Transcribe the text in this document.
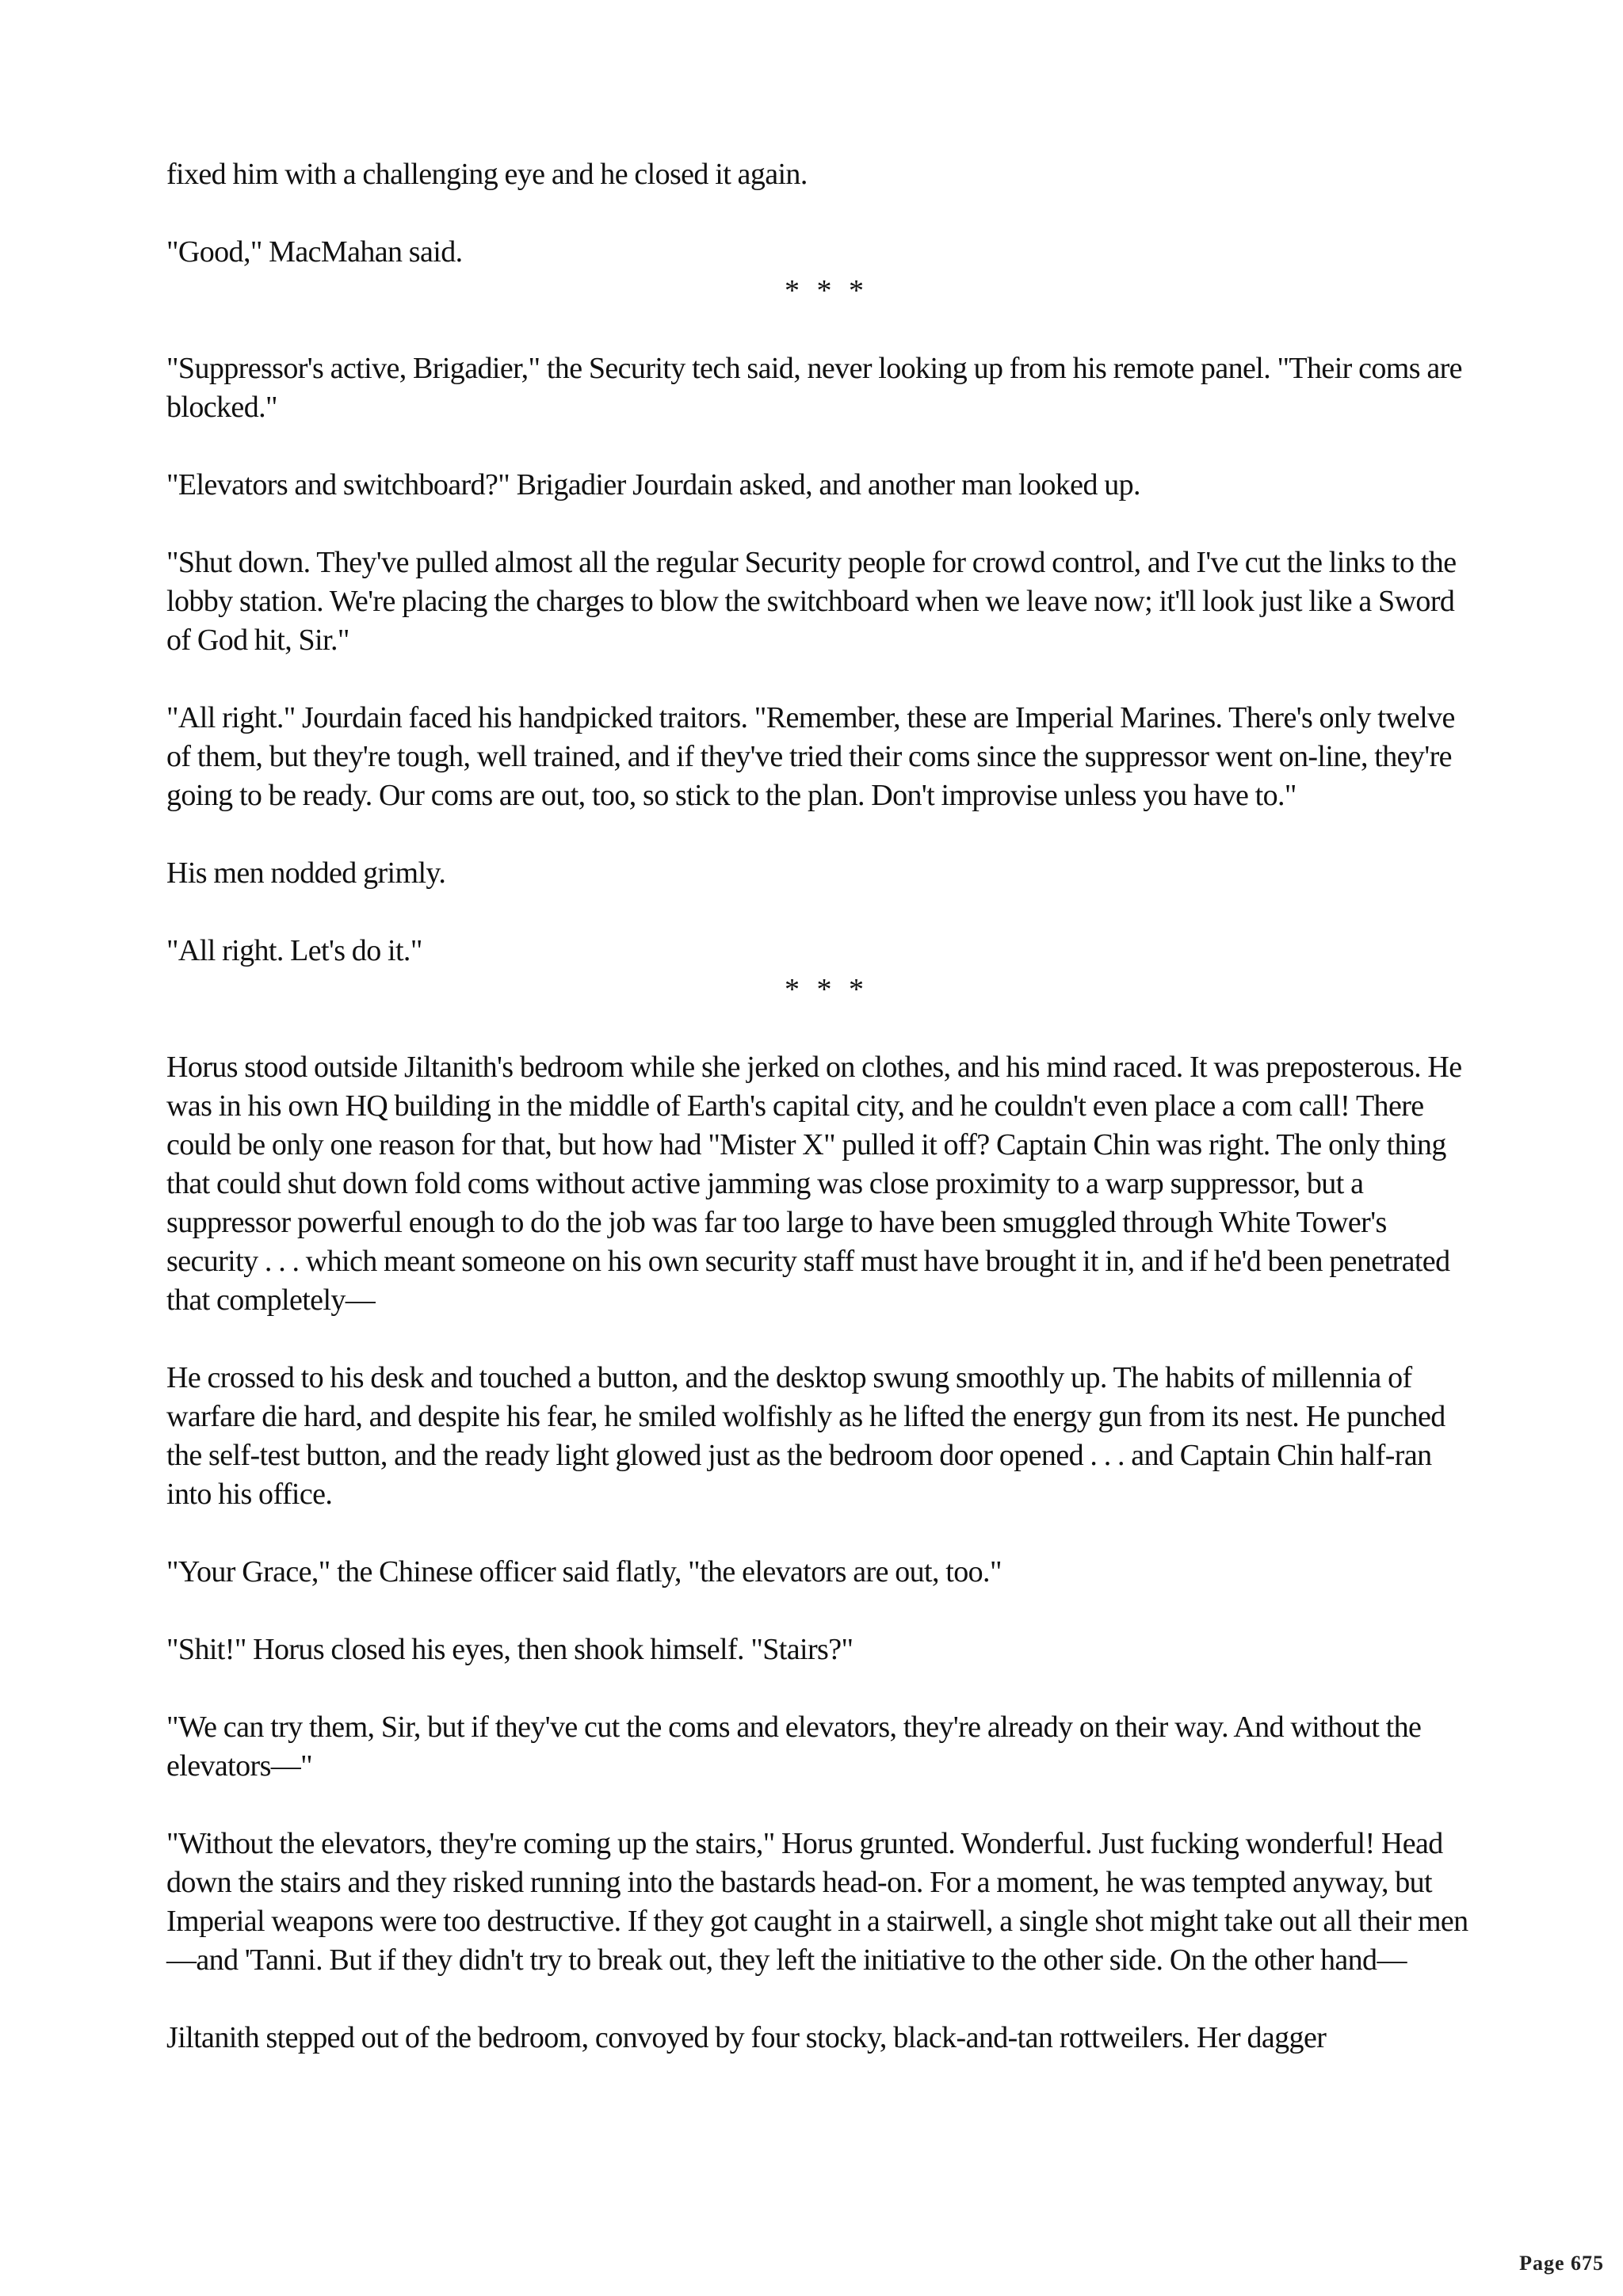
fixed him with a challenging eye and he closed it again.

"Good," MacMahan said.

* * *

"Suppressor's active, Brigadier," the Security tech said, never looking up from his remote panel. "Their coms are blocked."

"Elevators and switchboard?" Brigadier Jourdain asked, and another man looked up.

"Shut down. They've pulled almost all the regular Security people for crowd control, and I've cut the links to the lobby station. We're placing the charges to blow the switchboard when we leave now; it'll look just like a Sword of God hit, Sir."

"All right." Jourdain faced his handpicked traitors. "Remember, these are Imperial Marines. There's only twelve of them, but they're tough, well trained, and if they've tried their coms since the suppressor went on-line, they're going to be ready. Our coms are out, too, so stick to the plan. Don't improvise unless you have to."

His men nodded grimly.

"All right. Let's do it."

* * *

Horus stood outside Jiltanith's bedroom while she jerked on clothes, and his mind raced. It was preposterous. He was in his own HQ building in the middle of Earth's capital city, and he couldn't even place a com call! There could be only one reason for that, but how had "Mister X" pulled it off? Captain Chin was right. The only thing that could shut down fold coms without active jamming was close proximity to a warp suppressor, but a suppressor powerful enough to do the job was far too large to have been smuggled through White Tower's security . . . which meant someone on his own security staff must have brought it in, and if he'd been penetrated that completely—

He crossed to his desk and touched a button, and the desktop swung smoothly up. The habits of millennia of warfare die hard, and despite his fear, he smiled wolfishly as he lifted the energy gun from its nest. He punched the self-test button, and the ready light glowed just as the bedroom door opened . . . and Captain Chin half-ran into his office.

"Your Grace," the Chinese officer said flatly, "the elevators are out, too."

"Shit!" Horus closed his eyes, then shook himself. "Stairs?"

"We can try them, Sir, but if they've cut the coms and elevators, they're already on their way. And without the elevators—"

"Without the elevators, they're coming up the stairs," Horus grunted. Wonderful. Just fucking wonderful! Head down the stairs and they risked running into the bastards head-on. For a moment, he was tempted anyway, but Imperial weapons were too destructive. If they got caught in a stairwell, a single shot might take out all their men—and 'Tanni. But if they didn't try to break out, they left the initiative to the other side. On the other hand—

Jiltanith stepped out of the bedroom, convoyed by four stocky, black-and-tan rottweilers. Her dagger

Page 675
